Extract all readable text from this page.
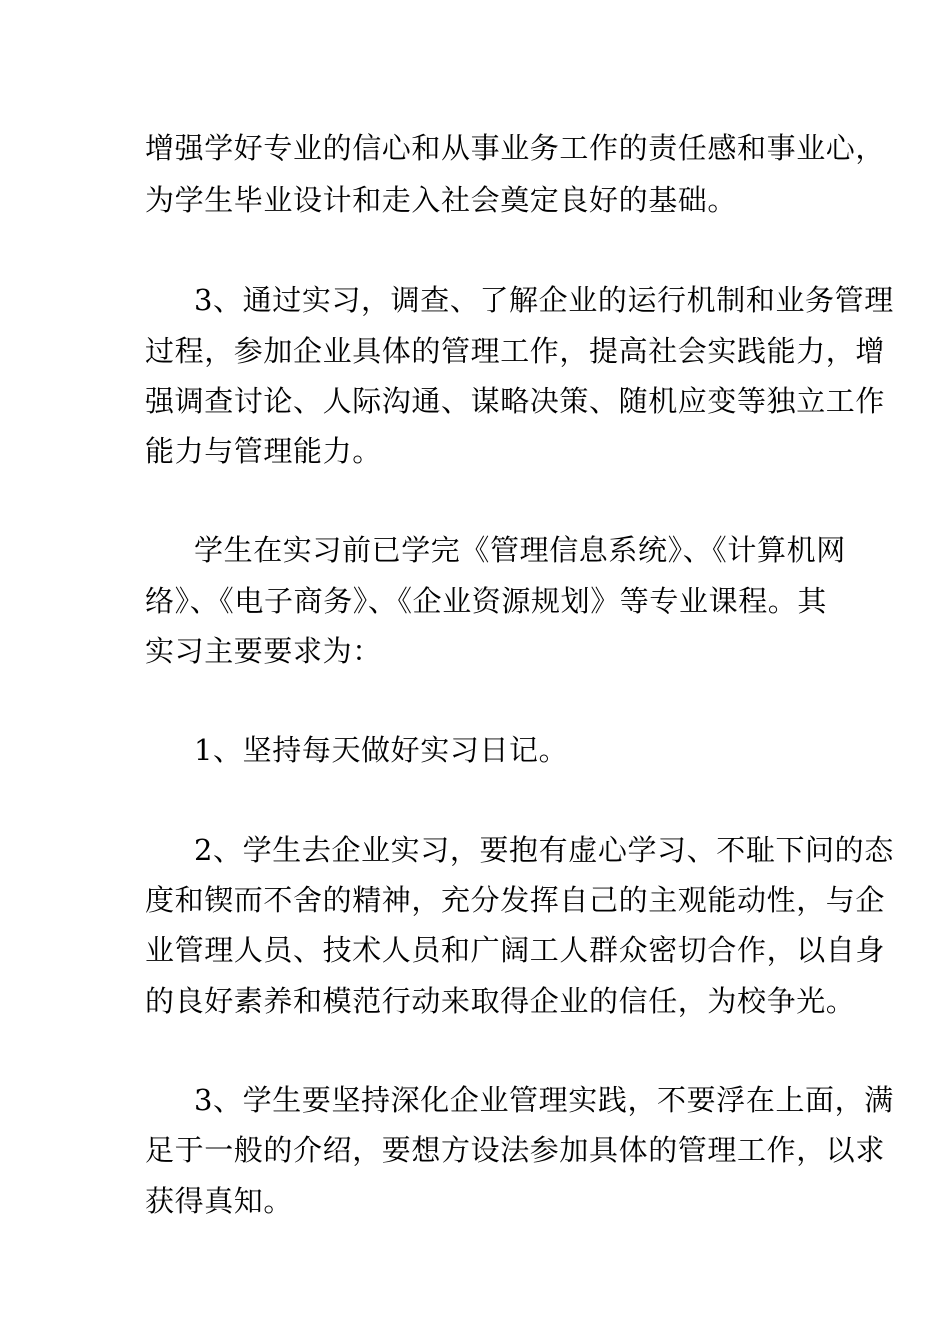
增强学好专业的信心和从事业务工作的责任感和事业心，

为学生毕业设计和走入社会奠定良好的基础。

3、通过实习，调查、了解企业的运行机制和业务管理

过程，参加企业具体的管理工作，提高社会实践能力，增

强调查讨论、人际沟通、谋略决策、随机应变等独立工作

能力与管理能力。

学生在实习前已学完《管理信息系统》、《计算机网

络》、《电子商务》、《企业资源规划》等专业课程。其

实习主要要求为：

1、坚持每天做好实习日记。

2、学生去企业实习，要抱有虚心学习、不耻下问的态

度和锲而不舍的精神，充分发挥自己的主观能动性，与企

业管理人员、技术人员和广阔工人群众密切合作，以自身

的良好素养和模范行动来取得企业的信任，为校争光。

3、学生要坚持深化企业管理实践，不要浮在上面，满

足于一般的介绍，要想方设法参加具体的管理工作，以求

获得真知。
